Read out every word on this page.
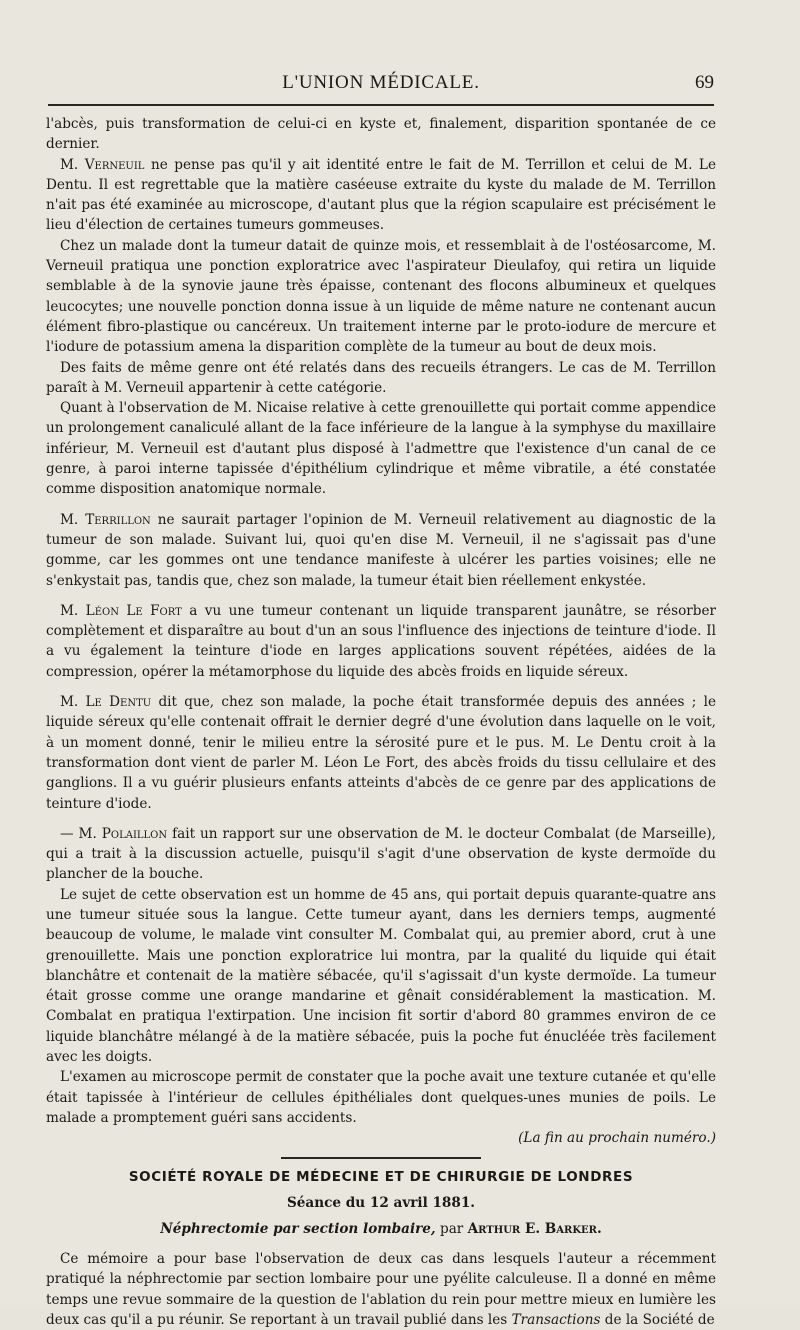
L'UNION MÉDICALE.	69

l'abcès, puis transformation de celui-ci en kyste et, finalement, disparition spontanée de ce dernier.

M. Verneuil ne pense pas qu'il y ait identité entre le fait de M. Terrillon et celui de M. Le Dentu. Il est regrettable que la matière caséeuse extraite du kyste du malade de M. Terrillon n'ait pas été examinée au microscope, d'autant plus que la région scapulaire est précisément le lieu d'élection de certaines tumeurs gommeuses.

Chez un malade dont la tumeur datait de quinze mois, et ressemblait à de l'ostéosarcome, M. Verneuil pratiqua une ponction exploratrice avec l'aspirateur Dieulafoy, qui retira un liquide semblable à de la synovie jaune très épaisse, contenant des flocons albumineux et quelques leucocytes; une nouvelle ponction donna issue à un liquide de même nature ne contenant aucun élément fibro-plastique ou cancéreux. Un traitement interne par le proto-iodure de mercure et l'iodure de potassium amena la disparition complète de la tumeur au bout de deux mois.

Des faits de même genre ont été relatés dans des recueils étrangers. Le cas de M. Terrillon paraît à M. Verneuil appartenir à cette catégorie.

Quant à l'observation de M. Nicaise relative à cette grenouillette qui portait comme appendice un prolongement canaliculé allant de la face inférieure de la langue à la symphyse du maxillaire inférieur, M. Verneuil est d'autant plus disposé à l'admettre que l'existence d'un canal de ce genre, à paroi interne tapissée d'épithélium cylindrique et même vibratile, a été constatée comme disposition anatomique normale.

M. Terrillon ne saurait partager l'opinion de M. Verneuil relativement au diagnostic de la tumeur de son malade. Suivant lui, quoi qu'en dise M. Verneuil, il ne s'agissait pas d'une gomme, car les gommes ont une tendance manifeste à ulcérer les parties voisines; elle ne s'enkystait pas, tandis que, chez son malade, la tumeur était bien réellement enkystée.

M. Léon Le Fort a vu une tumeur contenant un liquide transparent jaunâtre, se résorber complètement et disparaître au bout d'un an sous l'influence des injections de teinture d'iode. Il a vu également la teinture d'iode en larges applications souvent répétées, aidées de la compression, opérer la métamorphose du liquide des abcès froids en liquide séreux.

M. Le Dentu dit que, chez son malade, la poche était transformée depuis des années ; le liquide séreux qu'elle contenait offrait le dernier degré d'une évolution dans laquelle on le voit, à un moment donné, tenir le milieu entre la sérosité pure et le pus. M. Le Dentu croit à la transformation dont vient de parler M. Léon Le Fort, des abcès froids du tissu cellulaire et des ganglions. Il a vu guérir plusieurs enfants atteints d'abcès de ce genre par des applications de teinture d'iode.

— M. Polaillon fait un rapport sur une observation de M. le docteur Combalat (de Marseille), qui a trait à la discussion actuelle, puisqu'il s'agit d'une observation de kyste dermoïde du plancher de la bouche.

Le sujet de cette observation est un homme de 45 ans, qui portait depuis quarante-quatre ans une tumeur située sous la langue. Cette tumeur ayant, dans les derniers temps, augmenté beaucoup de volume, le malade vint consulter M. Combalat qui, au premier abord, crut à une grenouillette. Mais une ponction exploratrice lui montra, par la qualité du liquide qui était blanchâtre et contenait de la matière sébacée, qu'il s'agissait d'un kyste dermoïde. La tumeur était grosse comme une orange mandarine et gênait considérablement la mastication. M. Combalat en pratiqua l'extirpation. Une incision fit sortir d'abord 80 grammes environ de ce liquide blanchâtre mélangé à de la matière sébacée, puis la poche fut énucléée très facilement avec les doigts.

L'examen au microscope permit de constater que la poche avait une texture cutanée et qu'elle était tapissée à l'intérieur de cellules épithéliales dont quelques-unes munies de poils. Le malade a promptement guéri sans accidents.

(La fin au prochain numéro.)

SOCIÉTÉ ROYALE DE MÉDECINE ET DE CHIRURGIE DE LONDRES
Séance du 12 avril 1881.
Néphrectomie par section lombaire, par Arthur E. Barker.

Ce mémoire a pour base l'observation de deux cas dans lesquels l'auteur a récemment pratiqué la néphrectomie par section lombaire pour une pyélite calculeuse. Il a donné en même temps une revue sommaire de la question de l'ablation du rein pour mettre mieux en lumière les deux cas qu'il a pu réunir. Se reportant à un travail publié dans les Transactions de la Société de
